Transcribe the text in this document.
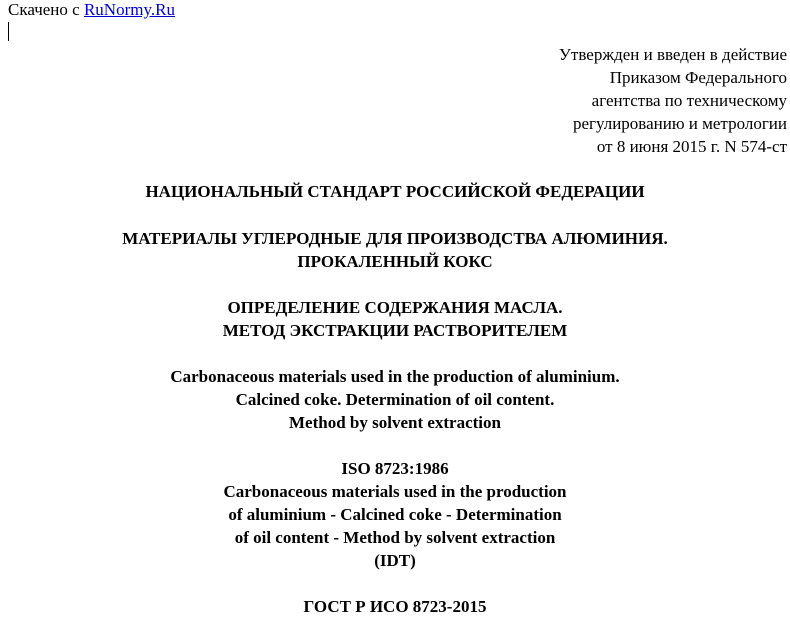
Скачено с RuNormy.Ru
Утвержден и введен в действие
Приказом Федерального
агентства по техническому
регулированию и метрологии
от 8 июня 2015 г. N 574-ст
НАЦИОНАЛЬНЫЙ СТАНДАРТ РОССИЙСКОЙ ФЕДЕРАЦИИ
МАТЕРИАЛЫ УГЛЕРОДНЫЕ ДЛЯ ПРОИЗВОДСТВА АЛЮМИНИЯ.
ПРОКАЛЕННЫЙ КОКС
ОПРЕДЕЛЕНИЕ СОДЕРЖАНИЯ МАСЛА.
МЕТОД ЭКСТРАКЦИИ РАСТВОРИТЕЛЕМ
Carbonaceous materials used in the production of aluminium.
Calcined coke. Determination of oil content.
Method by solvent extraction
ISO 8723:1986
Carbonaceous materials used in the production
of aluminium - Calcined coke - Determination
of oil content - Method by solvent extraction
(IDT)
ГОСТ Р ИСО 8723-2015
